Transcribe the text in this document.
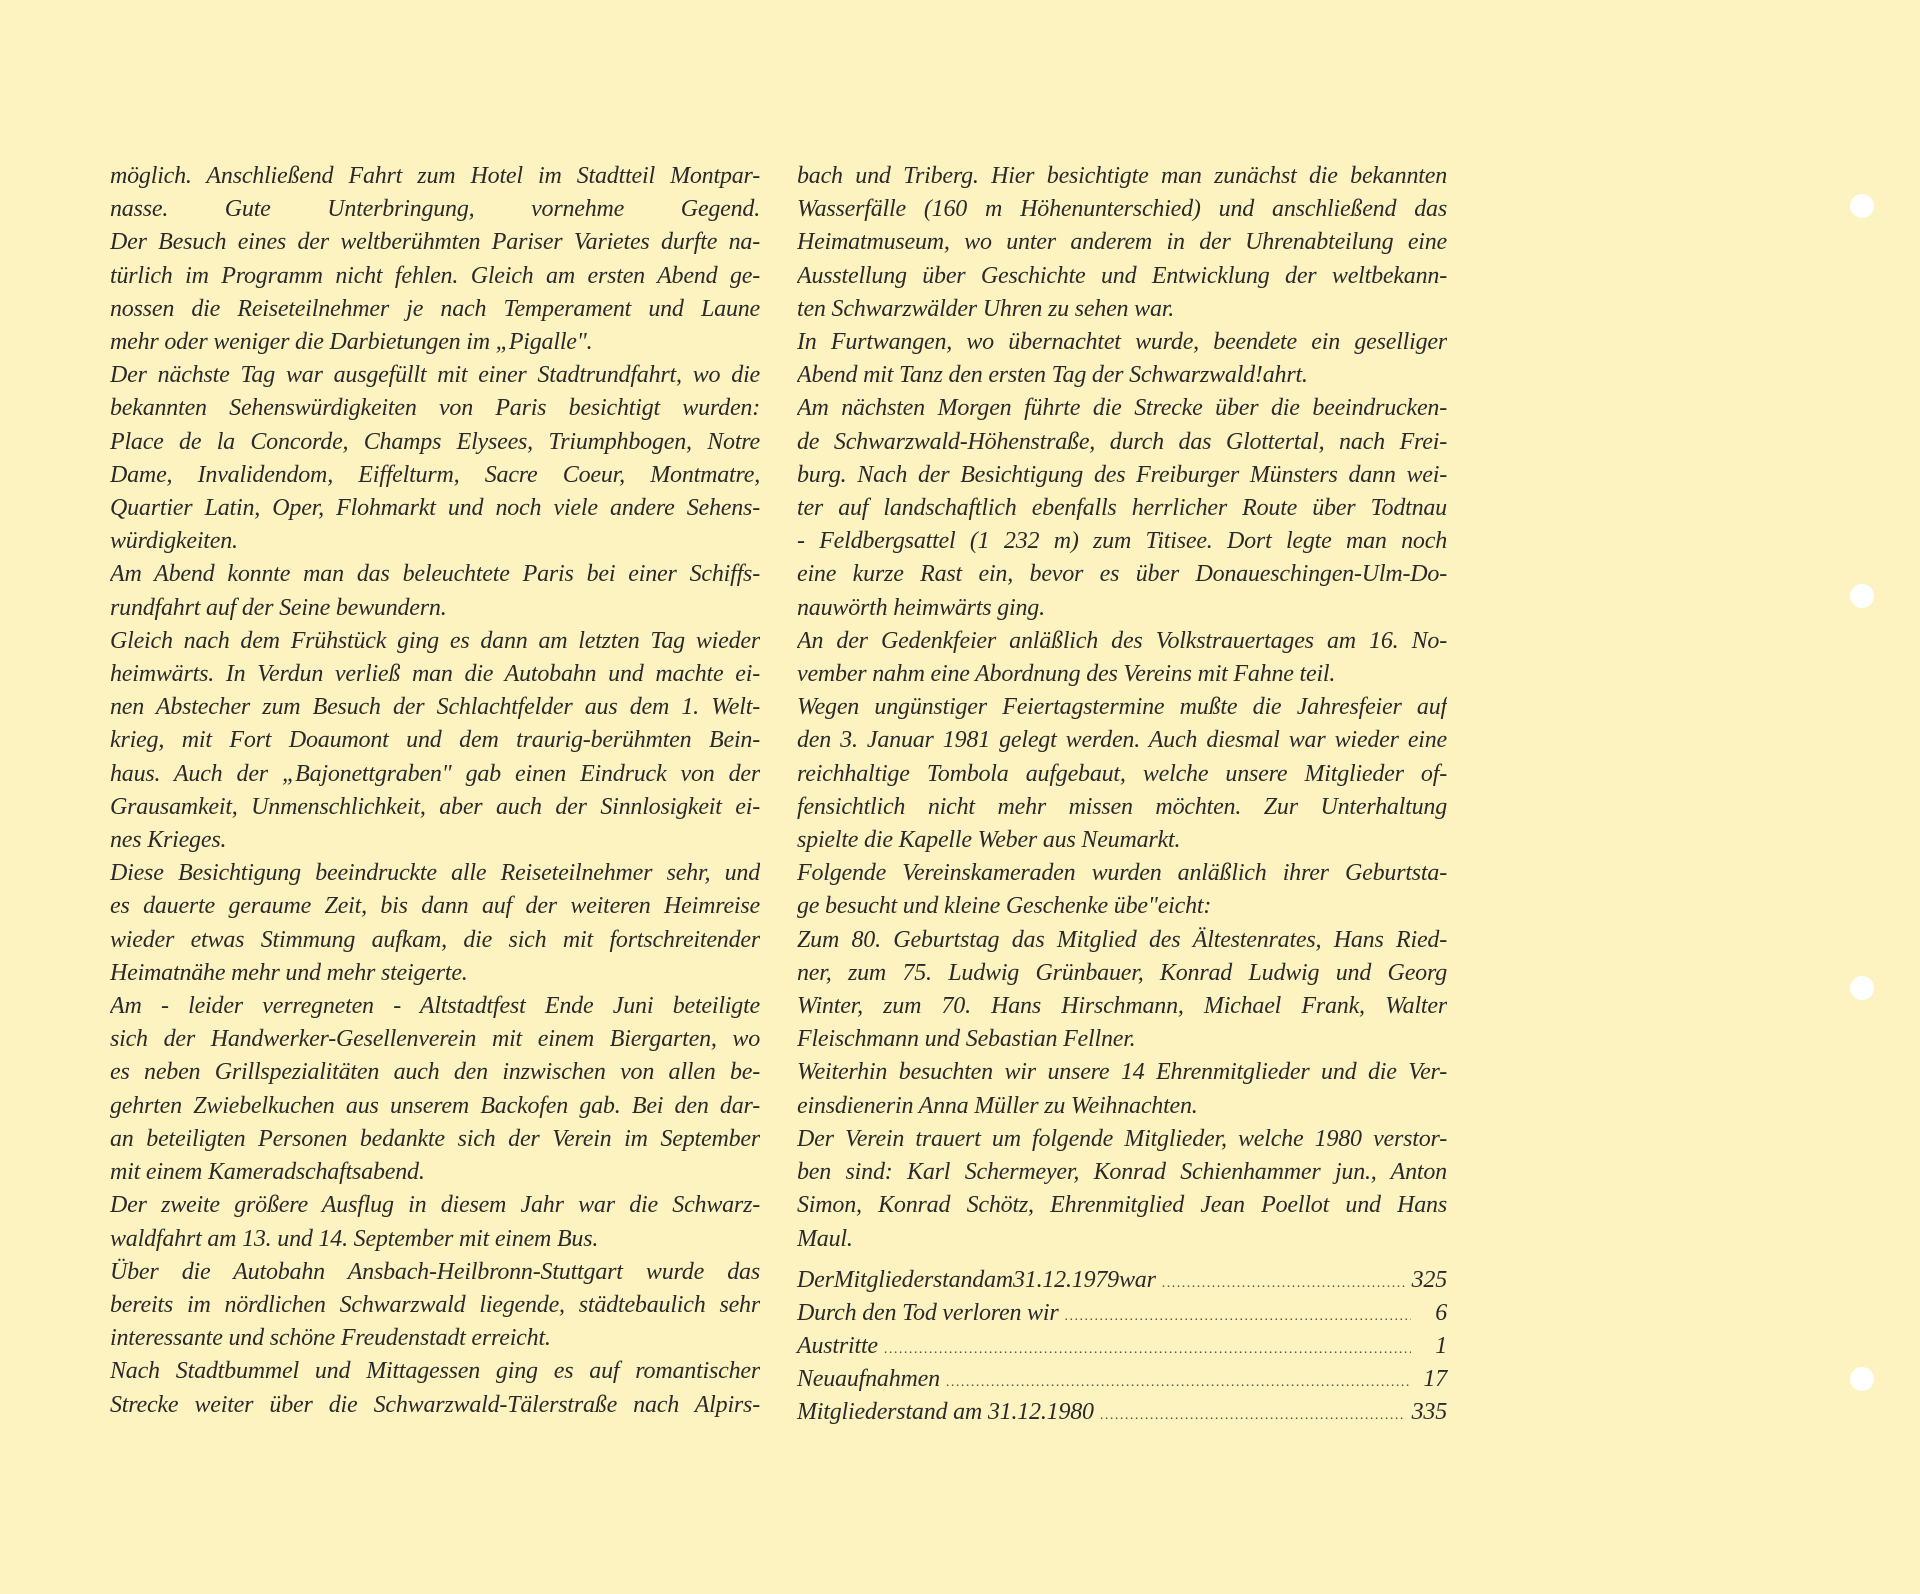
möglich. Anschließend Fahrt zum Hotel im Stadtteil Montpar-
nasse. Gute Unterbringung, vornehme Gegend.
Der Besuch eines der weltberühmten Pariser Varietes durfte na-
türlich im Programm nicht fehlen. Gleich am ersten Abend ge-
nossen die Reiseteilnehmer je nach Temperament und Laune
mehr oder weniger die Darbietungen im „Pigalle".
Der nächste Tag war ausgefüllt mit einer Stadtrundfahrt, wo die
bekannten Sehenswürdigkeiten von Paris besichtigt wurden:
Place de la Concorde, Champs Elysees, Triumphbogen, Notre
Dame, Invalidendom, Eiffelturm, Sacre Coeur, Montmatre,
Quartier Latin, Oper, Flohmarkt und noch viele andere Sehens-
würdigkeiten.
Am Abend konnte man das beleuchtete Paris bei einer Schiffs-
rundfahrt auf der Seine bewundern.
Gleich nach dem Frühstück ging es dann am letzten Tag wieder
heimwärts. In Verdun verließ man die Autobahn und machte ei-
nen Abstecher zum Besuch der Schlachtfelder aus dem 1. Welt-
krieg, mit Fort Doaumont und dem traurig-berühmten Bein-
haus. Auch der „Bajonettgraben" gab einen Eindruck von der
Grausamkeit, Unmenschlichkeit, aber auch der Sinnlosigkeit ei-
nes Krieges.
Diese Besichtigung beeindruckte alle Reiseteilnehmer sehr, und
es dauerte geraume Zeit, bis dann auf der weiteren Heimreise
wieder etwas Stimmung aufkam, die sich mit fortschreitender
Heimatnähe mehr und mehr steigerte.
Am - leider verregneten - Altstadtfest Ende Juni beteiligte
sich der Handwerker-Gesellenverein mit einem Biergarten, wo
es neben Grillspezialitäten auch den inzwischen von allen be-
gehrten Zwiebelkuchen aus unserem Backofen gab. Bei den dar-
an beteiligten Personen bedankte sich der Verein im September
mit einem Kameradschaftsabend.
Der zweite größere Ausflug in diesem Jahr war die Schwarz-
waldfahrt am 13. und 14. September mit einem Bus.
Über die Autobahn Ansbach-Heilbronn-Stuttgart wurde das
bereits im nördlichen Schwarzwald liegende, städtebaulich sehr
interessante und schöne Freudenstadt erreicht.
Nach Stadtbummel und Mittagessen ging es auf romantischer
Strecke weiter über die Schwarzwald-Tälerstraße nach Alpirs-
bach und Triberg. Hier besichtigte man zunächst die bekannten
Wasserfälle (160 m Höhenunterschied) und anschließend das
Heimatmuseum, wo unter anderem in der Uhrenabteilung eine
Ausstellung über Geschichte und Entwicklung der weltbekann-
ten Schwarzwälder Uhren zu sehen war.
In Furtwangen, wo übernachtet wurde, beendete ein geselliger
Abend mit Tanz den ersten Tag der Schwarzwald!ahrt.
Am nächsten Morgen führte die Strecke über die beeindrucken-
de Schwarzwald-Höhenstraße, durch das Glottertal, nach Frei-
burg. Nach der Besichtigung des Freiburger Münsters dann wei-
ter auf landschaftlich ebenfalls herrlicher Route über Todtnau
- Feldbergsattel (1 232 m) zum Titisee. Dort legte man noch
eine kurze Rast ein, bevor es über Donaueschingen-Ulm-Do-
nauwörth heimwärts ging.
An der Gedenkfeier anläßlich des Volkstrauertages am 16. No-
vember nahm eine Abordnung des Vereins mit Fahne teil.
Wegen ungünstiger Feiertagstermine mußte die Jahresfeier auf
den 3. Januar 1981 gelegt werden. Auch diesmal war wieder eine
reichhaltige Tombola aufgebaut, welche unsere Mitglieder of-
fensichtlich nicht mehr missen möchten. Zur Unterhaltung
spielte die Kapelle Weber aus Neumarkt.
Folgende Vereinskameraden wurden anläßlich ihrer Geburtsta-
ge besucht und kleine Geschenke übe"eicht:
Zum 80. Geburtstag das Mitglied des Ältestenrates, Hans Ried-
ner, zum 75. Ludwig Grünbauer, Konrad Ludwig und Georg
Winter, zum 70. Hans Hirschmann, Michael Frank, Walter
Fleischmann und Sebastian Fellner.
Weiterhin besuchten wir unsere 14 Ehrenmitglieder und die Ver-
einsdienerin Anna Müller zu Weihnachten.
Der Verein trauert um folgende Mitglieder, welche 1980 verstor-
ben sind: Karl Schermeyer, Konrad Schienhammer jun., Anton
Simon, Konrad Schötz, Ehrenmitglied Jean Poellot und Hans
Maul.
DerMitgliederstandam31.12.1979war .....	325
Durch den Tod verloren wir .....	6
Austritte .....	1
Neuaufnahmen .....	17
Mitgliederstand am 31.12.1980 .....	335
